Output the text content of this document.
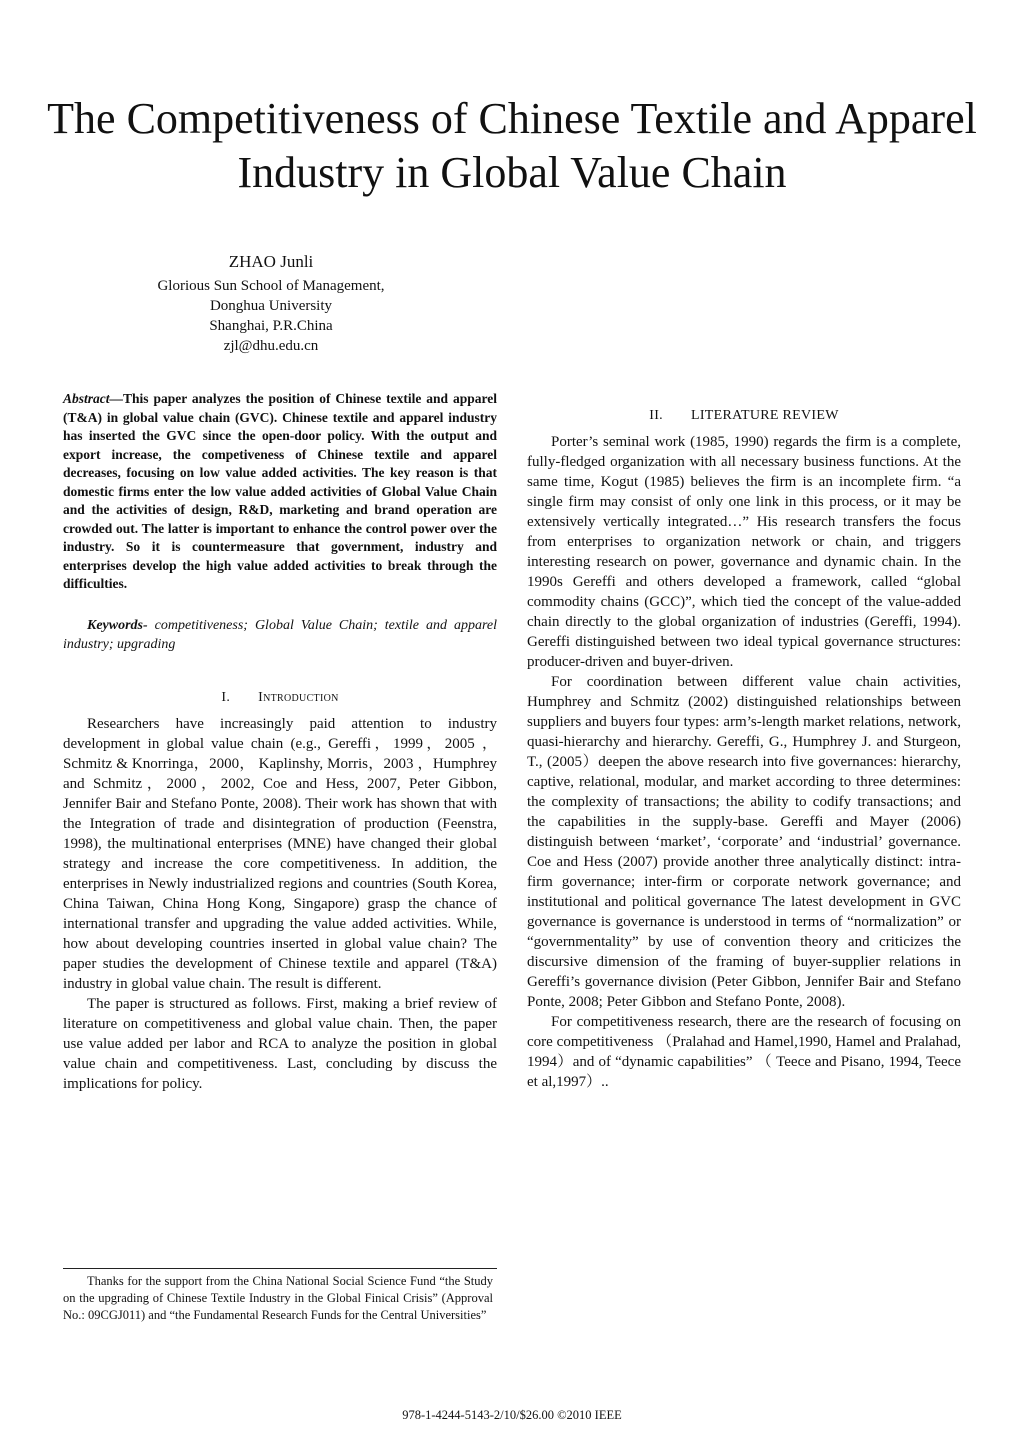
The Competitiveness of Chinese Textile and Apparel
Industry in Global Value Chain
ZHAO Junli
Glorious Sun School of Management,
Donghua University
Shanghai, P.R.China
zjl@dhu.edu.cn

Abstract—This paper analyzes the position of Chinese textile and apparel (T&A) in global value chain (GVC). Chinese textile and apparel industry has inserted the GVC since the open-door policy. With the output and export increase, the competiveness of Chinese textile and apparel decreases, focusing on low value added activities. The key reason is that domestic firms enter the low value added activities of Global Value Chain and the activities of design, R&D, marketing and brand operation are crowded out. The latter is important to enhance the control power over the industry. So it is countermeasure that government, industry and enterprises develop the high value added activities to break through the difficulties.

Keywords- competitiveness; Global Value Chain; textile and apparel industry; upgrading

I. Introduction

Researchers have increasingly paid attention to industry development in global value chain (e.g., Gereffi，1999，2005 ，Schmitz & Knorringa，2000， Kaplinshy, Morris，2003 ，Humphrey and Schmitz，2000，2002, Coe and Hess, 2007, Peter Gibbon, Jennifer Bair and Stefano Ponte, 2008). Their work has shown that with the Integration of trade and disintegration of production (Feenstra, 1998), the multinational enterprises (MNE) have changed their global strategy and increase the core competitiveness. In addition, the enterprises in Newly industrialized regions and countries (South Korea, China Taiwan, China Hong Kong, Singapore) grasp the chance of international transfer and upgrading the value added activities. While, how about developing countries inserted in global value chain? The paper studies the development of Chinese textile and apparel (T&A) industry in global value chain. The result is different.

The paper is structured as follows. First, making a brief review of literature on competitiveness and global value chain. Then, the paper use value added per labor and RCA to analyze the position in global value chain and competitiveness. Last, concluding by discuss the implications for policy.

II. LITERATURE REVIEW

Porter’s seminal work (1985, 1990) regards the firm is a complete, fully-fledged organization with all necessary business functions. At the same time, Kogut (1985) believes the firm is an incomplete firm. “a single firm may consist of only one link in this process, or it may be extensively vertically integrated…” His research transfers the focus from enterprises to organization network or chain, and triggers interesting research on power, governance and dynamic chain. In the 1990s Gereffi and others developed a framework, called “global commodity chains (GCC)”, which tied the concept of the value-added chain directly to the global organization of industries (Gereffi, 1994). Gereffi distinguished between two ideal typical governance structures: producer-driven and buyer-driven.

For coordination between different value chain activities, Humphrey and Schmitz (2002) distinguished relationships between suppliers and buyers four types: arm’s-length market relations, network, quasi-hierarchy and hierarchy. Gereffi, G., Humphrey J. and Sturgeon, T., (2005）deepen the above research into five governances: hierarchy, captive, relational, modular, and market according to three determines: the complexity of transactions; the ability to codify transactions; and the capabilities in the supply-base. Gereffi and Mayer (2006) distinguish between ‘market’, ‘corporate’ and ‘industrial’ governance. Coe and Hess (2007) provide another three analytically distinct: intra-firm governance; inter-firm or corporate network governance; and institutional and political governance The latest development in GVC governance is governance is understood in terms of “normalization” or “governmentality” by use of convention theory and criticizes the discursive dimension of the framing of buyer-supplier relations in Gereffi’s governance division (Peter Gibbon, Jennifer Bair and Stefano Ponte, 2008; Peter Gibbon and Stefano Ponte, 2008).

For competitiveness research, there are the research of focusing on core competitiveness （Pralahad and Hamel,1990, Hamel and Pralahad, 1994）and of “dynamic capabilities” （ Teece and Pisano, 1994, Teece et al,1997）..

Thanks for the support from the China National Social Science Fund “the Study on the upgrading of Chinese Textile Industry in the Global Finical Crisis” (Approval No.: 09CGJ011) and “the Fundamental Research Funds for the Central Universities”

978-1-4244-5143-2/10/$26.00 ©2010 IEEE
